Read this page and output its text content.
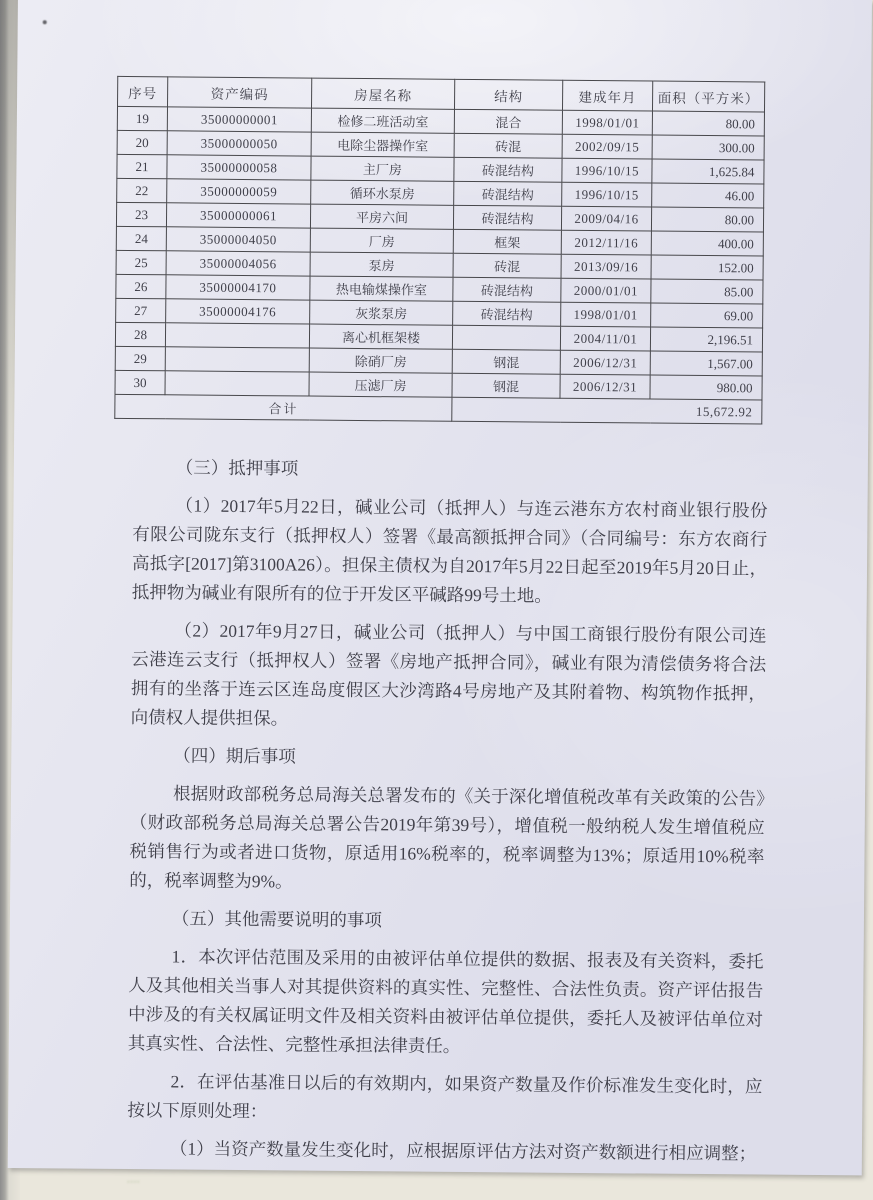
序号	资产编码	房屋名称	结构	建成年月	面积（平方米）
19	35000000001	检修二班活动室	混合	1998/01/01	80.00
20	35000000050	电除尘器操作室	砖混	2002/09/15	300.00
21	35000000058	主厂房	砖混结构	1996/10/15	1,625.84
22	35000000059	循环水泵房	砖混结构	1996/10/15	46.00
23	35000000061	平房六间	砖混结构	2009/04/16	80.00
24	35000004050	厂房	框架	2012/11/16	400.00
25	35000004056	泵房	砖混	2013/09/16	152.00
26	35000004170	热电输煤操作室	砖混结构	2000/01/01	85.00
27	35000004176	灰浆泵房	砖混结构	1998/01/01	69.00
28		离心机框架楼		2004/11/01	2,196.51
29		除硝厂房	钢混	2006/12/31	1,567.00
30		压滤厂房	钢混	2006/12/31	980.00
合计			15,672.92		

（三）抵押事项

（1）2017年5月22日，碱业公司（抵押人）与连云港东方农村商业银行股份有限公司陇东支行（抵押权人）签署《最高额抵押合同》（合同编号：东方农商行高抵字[2017]第3100A26）。担保主债权为自2017年5月22日起至2019年5月20日止，抵押物为碱业有限所有的位于开发区平碱路99号土地。

（2）2017年9月27日，碱业公司（抵押人）与中国工商银行股份有限公司连云港连云支行（抵押权人）签署《房地产抵押合同》，碱业有限为清偿债务将合法拥有的坐落于连云区连岛度假区大沙湾路4号房地产及其附着物、构筑物作抵押，向债权人提供担保。

（四）期后事项

根据财政部税务总局海关总署发布的《关于深化增值税改革有关政策的公告》（财政部税务总局海关总署公告2019年第39号），增值税一般纳税人发生增值税应税销售行为或者进口货物，原适用16%税率的，税率调整为13%；原适用10%税率的，税率调整为9%。

（五）其他需要说明的事项

1．本次评估范围及采用的由被评估单位提供的数据、报表及有关资料，委托人及其他相关当事人对其提供资料的真实性、完整性、合法性负责。资产评估报告中涉及的有关权属证明文件及相关资料由被评估单位提供，委托人及被评估单位对其真实性、合法性、完整性承担法律责任。

2．在评估基准日以后的有效期内，如果资产数量及作价标准发生变化时，应按以下原则处理：

（1）当资产数量发生变化时，应根据原评估方法对资产数额进行相应调整；

᠁
